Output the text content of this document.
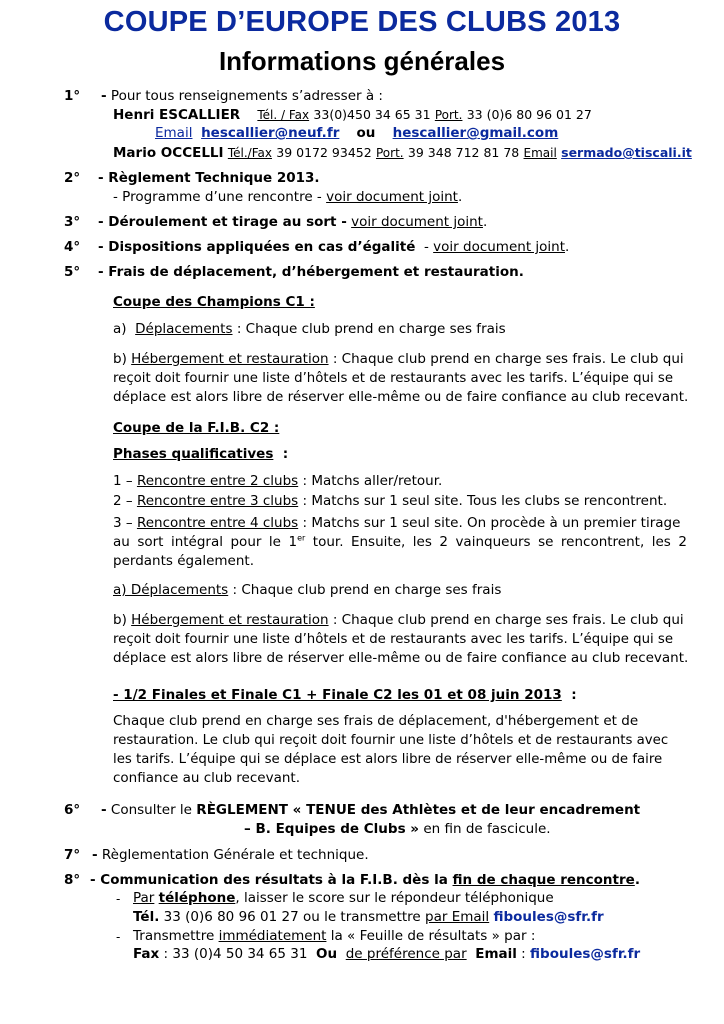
COUPE D’EUROPE DES CLUBS 2013
Informations générales
1° - Pour tous renseignements s’adresser à :
Henri ESCALLIER Tél. / Fax 33(0)450 34 65 31 Port. 33 (0)6 80 96 01 27
Email hescallier@neuf.fr ou hescallier@gmail.com
Mario OCCELLI Tél./Fax 39 0172 93452 Port. 39 348 712 81 78 Email sermado@tiscali.it
2° - Règlement Technique 2013.
- Programme d’une rencontre - voir document joint.
3° - Déroulement et tirage au sort - voir document joint.
4° - Dispositions appliquées en cas d’égalité - voir document joint.
5° - Frais de déplacement, d’hébergement et restauration.
Coupe des Champions C1 :
a) Déplacements : Chaque club prend en charge ses frais
b) Hébergement et restauration : Chaque club prend en charge ses frais. Le club qui
reçoit doit fournir une liste d’hôtels et de restaurants avec les tarifs. L’équipe qui se
déplace est alors libre de réserver elle-même ou de faire confiance au club recevant.
Coupe de la F.I.B. C2 :
Phases qualificatives :
1 – Rencontre entre 2 clubs : Matchs aller/retour.
2 – Rencontre entre 3 clubs : Matchs sur 1 seul site. Tous les clubs se rencontrent.
3 – Rencontre entre 4 clubs : Matchs sur 1 seul site. On procède à un premier tirage
au sort intégral pour le 1er tour. Ensuite, les 2 vainqueurs se rencontrent, les 2
perdants également.
a) Déplacements : Chaque club prend en charge ses frais
b) Hébergement et restauration : Chaque club prend en charge ses frais. Le club qui
reçoit doit fournir une liste d’hôtels et de restaurants avec les tarifs. L’équipe qui se
déplace est alors libre de réserver elle-même ou de faire confiance au club recevant.
- 1/2 Finales et Finale C1 + Finale C2 les 01 et 08 juin 2013 :
Chaque club prend en charge ses frais de déplacement, d'hébergement et de
restauration. Le club qui reçoit doit fournir une liste d’hôtels et de restaurants avec
les tarifs. L’équipe qui se déplace est alors libre de réserver elle-même ou de faire
confiance au club recevant.
6° - Consulter le RÈGLEMENT « TENUE des Athlètes et de leur encadrement
– B. Equipes de Clubs » en fin de fascicule.
7° - Règlementation Générale et technique.
8° - Communication des résultats à la F.I.B. dès la fin de chaque rencontre.
- Par téléphone, laisser le score sur le répondeur téléphonique
Tél. 33 (0)6 80 96 01 27 ou le transmettre par Email fiboules@sfr.fr
- Transmettre immédiatement la « Feuille de résultats » par :
Fax : 33 (0)4 50 34 65 31 Ou de préférence par Email : fiboules@sfr.fr
